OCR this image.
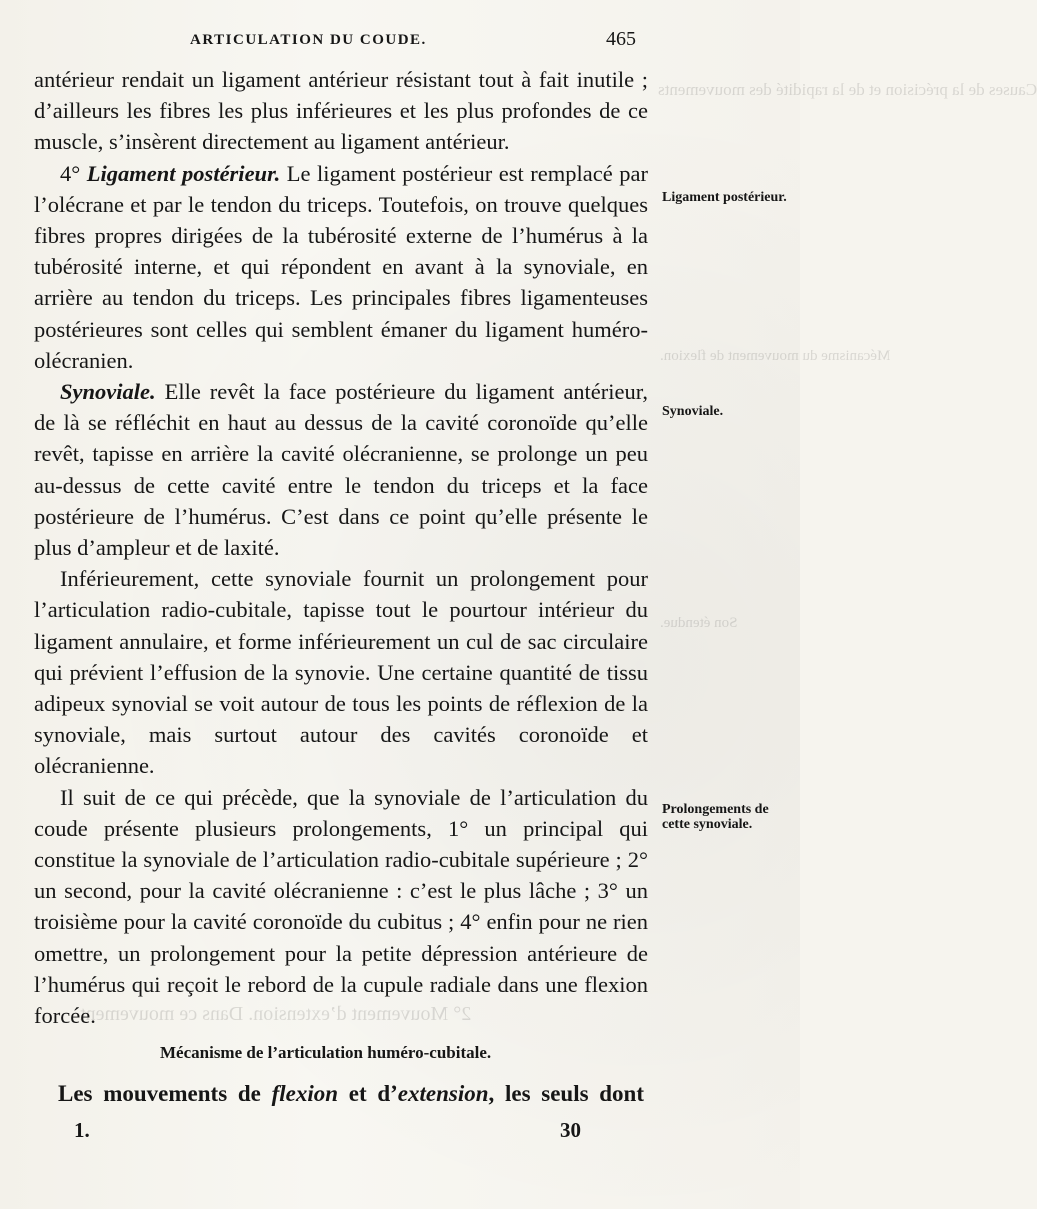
Causes de la précision et de la rapidité des mouvements
Mécanisme du mouvement de flexion.
Son étendue.
2° Mouvement d’extension. Dans ce mouvement
ARTICULATION DU COUDE.	465

antérieur rendait un ligament antérieur résistant tout à fait inutile ; d’ailleurs les fibres les plus inférieures et les plus profondes de ce muscle, s’insèrent directement au ligament antérieur.

4° Ligament postérieur. Le ligament postérieur est remplacé par l’olécrane et par le tendon du triceps. Toutefois, on trouve quelques fibres propres dirigées de la tubérosité externe de l’humérus à la tubérosité interne, et qui répondent en avant à la synoviale, en arrière au tendon du triceps. Les principales fibres ligamenteuses postérieures sont celles qui semblent émaner du ligament huméro-olécranien.

Synoviale. Elle revêt la face postérieure du ligament antérieur, de là se réfléchit en haut au dessus de la cavité coronoïde qu’elle revêt, tapisse en arrière la cavité olécranienne, se prolonge un peu au-dessus de cette cavité entre le tendon du triceps et la face postérieure de l’humérus. C’est dans ce point qu’elle présente le plus d’ampleur et de laxité.

Inférieurement, cette synoviale fournit un prolongement pour l’articulation radio-cubitale, tapisse tout le pourtour intérieur du ligament annulaire, et forme inférieurement un cul de sac circulaire qui prévient l’effusion de la synovie. Une certaine quantité de tissu adipeux synovial se voit autour de tous les points de réflexion de la synoviale, mais surtout autour des cavités coronoïde et olécranienne.

Il suit de ce qui précède, que la synoviale de l’articulation du coude présente plusieurs prolongements, 1° un principal qui constitue la synoviale de l’articulation radio-cubitale supérieure ; 2° un second, pour la cavité olécranienne : c’est le plus lâche ; 3° un troisième pour la cavité coronoïde du cubitus ; 4° enfin pour ne rien omettre, un prolongement pour la petite dépression antérieure de l’humérus qui reçoit le rebord de la cupule radiale dans une flexion forcée.

Mécanisme de l’articulation huméro-cubitale.
Les mouvements de flexion et d’extension, les seuls dont
1.	30
Ligament postérieur.
Synoviale.
Prolongements de cette synoviale.
